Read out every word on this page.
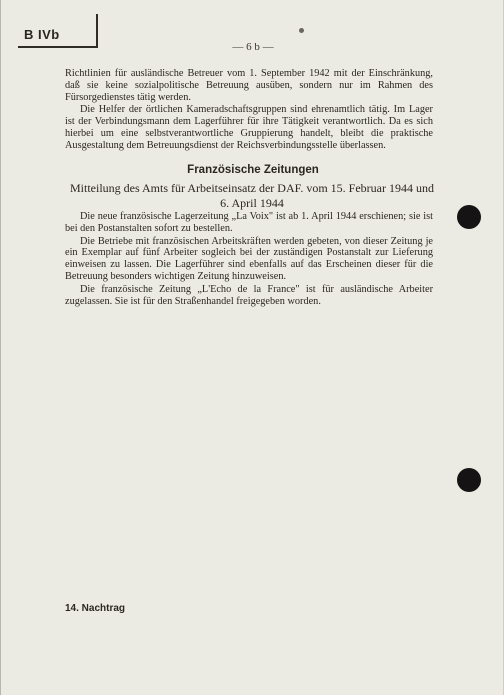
B IVb
— 6 b —

Richtlinien für ausländische Betreuer vom 1. September 1942 mit der Einschränkung, daß sie keine sozialpolitische Betreuung ausüben, sondern nur im Rahmen des Fürsorgedienstes tätig werden.

Die Helfer der örtlichen Kameradschaftsgruppen sind ehrenamtlich tätig. Im Lager ist der Verbindungsmann dem Lagerführer für ihre Tätigkeit verantwortlich. Da es sich hierbei um eine selbstverantwortliche Gruppierung handelt, bleibt die praktische Ausgestaltung dem Betreuungsdienst der Reichsverbindungsstelle überlassen.

Französische Zeitungen
Mitteilung des Amts für Arbeitseinsatz der DAF. vom 15. Februar 1944 und 6. April 1944

Die neue französische Lagerzeitung „La Voix" ist ab 1. April 1944 erschienen; sie ist bei den Postanstalten sofort zu bestellen.

Die Betriebe mit französischen Arbeitskräften werden gebeten, von dieser Zeitung je ein Exemplar auf fünf Arbeiter sogleich bei der zuständigen Postanstalt zur Lieferung einweisen zu lassen. Die Lagerführer sind ebenfalls auf das Erscheinen dieser für die Betreuung besonders wichtigen Zeitung hinzuweisen.

Die französische Zeitung „L'Echo de la France" ist für ausländische Arbeiter zugelassen. Sie ist für den Straßenhandel freigegeben worden.

14. Nachtrag
